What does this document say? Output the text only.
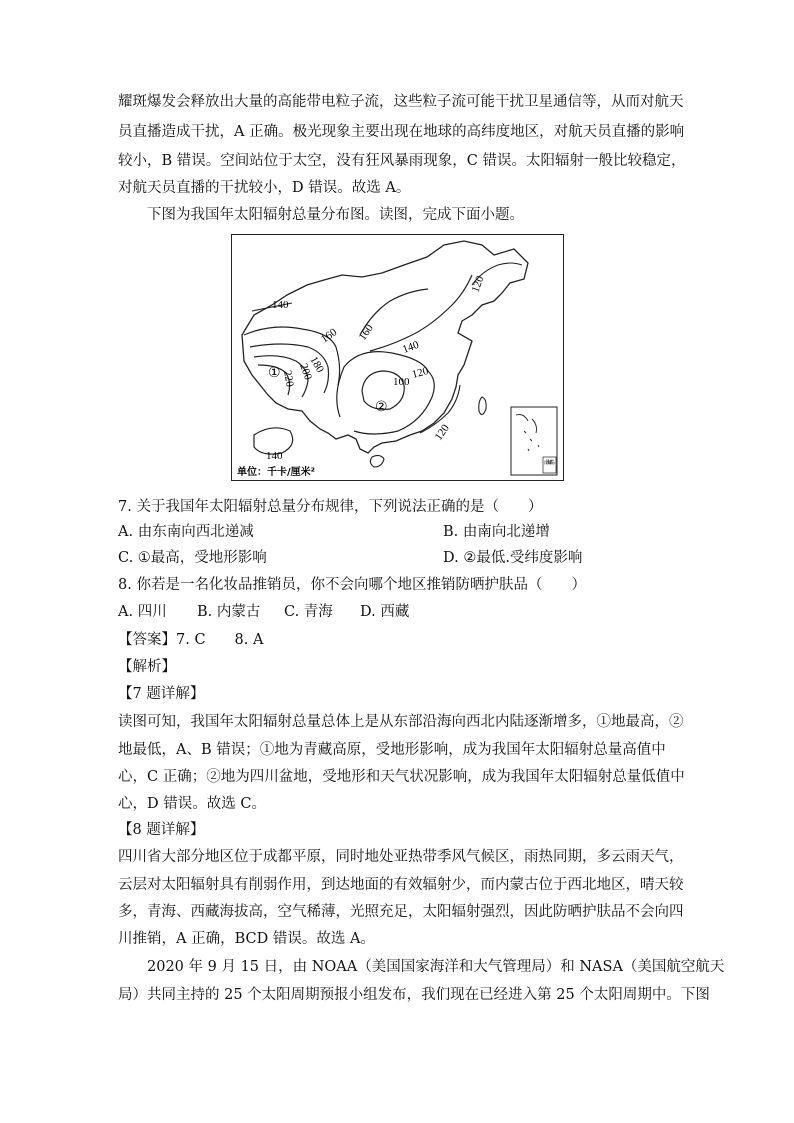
耀斑爆发会释放出大量的高能带电粒子流，这些粒子流可能干扰卫星通信等，从而对航天
员直播造成干扰，A 正确。极光现象主要出现在地球的高纬度地区，对航天员直播的影响
较小，B 错误。空间站位于太空，没有狂风暴雨现象，C 错误。太阳辐射一般比较稳定，
对航天员直播的干扰较小，D 错误。故选 A。
下图为我国年太阳辐射总量分布图。读图，完成下面小题。
140
160
180
200
220
160
140
120
100
120
120
140
①
②
南海诸岛
单位：千卡/厘米²
7. 关于我国年太阳辐射总量分布规律，下列说法正确的是（　　）
A. 由东南向西北递减	B. 由南向北递增
C. ①最高，受地形影响	D. ②最低.受纬度影响
8. 你若是一名化妆品推销员，你不会向哪个地区推销防晒护肤品（　　）
A. 四川 B. 内蒙古 C. 青海 D. 西藏
【答案】7. C　　8. A
【解析】
【7 题详解】
读图可知，我国年太阳辐射总量总体上是从东部沿海向西北内陆逐渐增多，①地最高，②
地最低，A、B 错误；①地为青藏高原，受地形影响，成为我国年太阳辐射总量高值中
心，C 正确；②地为四川盆地，受地形和天气状况影响，成为我国年太阳辐射总量低值中
心，D 错误。故选 C。
【8 题详解】
四川省大部分地区位于成都平原，同时地处亚热带季风气候区，雨热同期，多云雨天气，
云层对太阳辐射具有削弱作用，到达地面的有效辐射少，而内蒙古位于西北地区，晴天较
多，青海、西藏海拔高，空气稀薄，光照充足，太阳辐射强烈，因此防晒护肤品不会向四
川推销，A 正确，BCD 错误。故选 A。
2020 年 9 月 15 日，由 NOAA（美国国家海洋和大气管理局）和 NASA（美国航空航天
局）共同主持的 25 个太阳周期预报小组发布，我们现在已经进入第 25 个太阳周期中。下图
